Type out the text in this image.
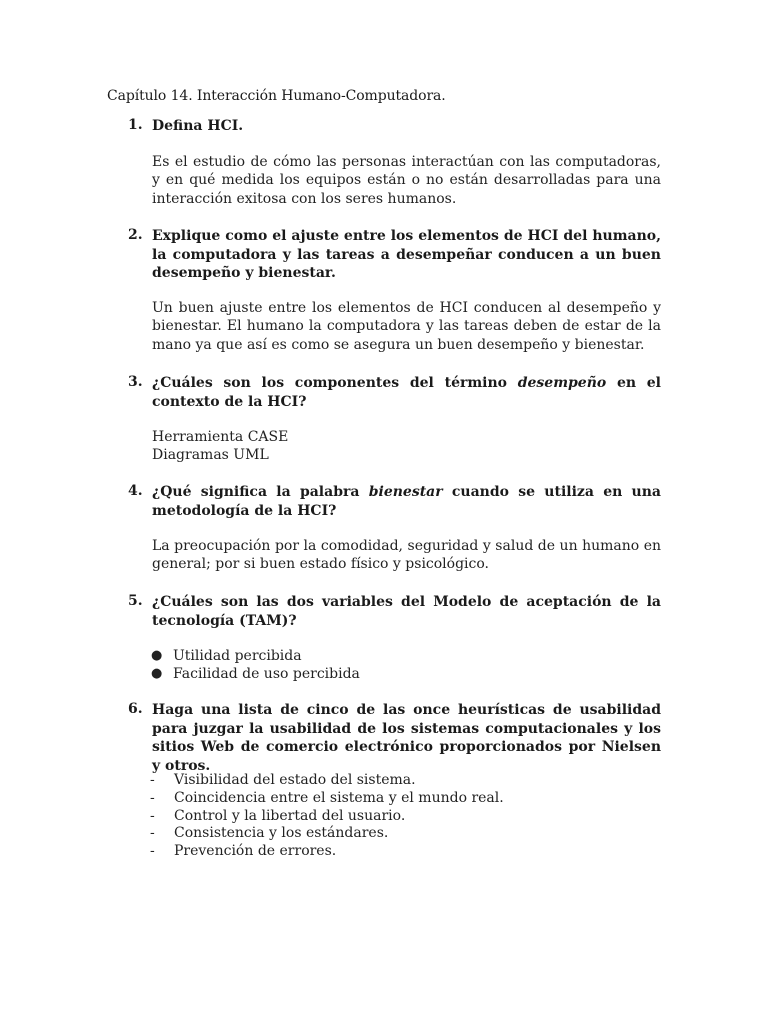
Capítulo 14. Interacción Humano-Computadora.
1. Defina HCI.
Es el estudio de cómo las personas interactúan con las computadoras, y en qué medida los equipos están o no están desarrolladas para una interacción exitosa con los seres humanos.
2. Explique como el ajuste entre los elementos de HCI del humano, la computadora y las tareas a desempeñar conducen a un buen desempeño y bienestar.
Un buen ajuste entre los elementos de HCI conducen al desempeño y bienestar. El humano la computadora y las tareas deben de estar de la mano ya que así es como se asegura un buen desempeño y bienestar.
3. ¿Cuáles son los componentes del término desempeño en el contexto de la HCI?
Herramienta CASE
Diagramas UML
4. ¿Qué significa la palabra bienestar cuando se utiliza en una metodología de la HCI?
La preocupación por la comodidad, seguridad y salud de un humano en general; por si buen estado físico y psicológico.
5. ¿Cuáles son las dos variables del Modelo de aceptación de la tecnología (TAM)?
● Utilidad percibida
● Facilidad de uso percibida
6. Haga una lista de cinco de las once heurísticas de usabilidad para juzgar la usabilidad de los sistemas computacionales y los sitios Web de comercio electrónico proporcionados por Nielsen y otros.
- Visibilidad del estado del sistema.
- Coincidencia entre el sistema y el mundo real.
- Control y la libertad del usuario.
- Consistencia y los estándares.
- Prevención de errores.
